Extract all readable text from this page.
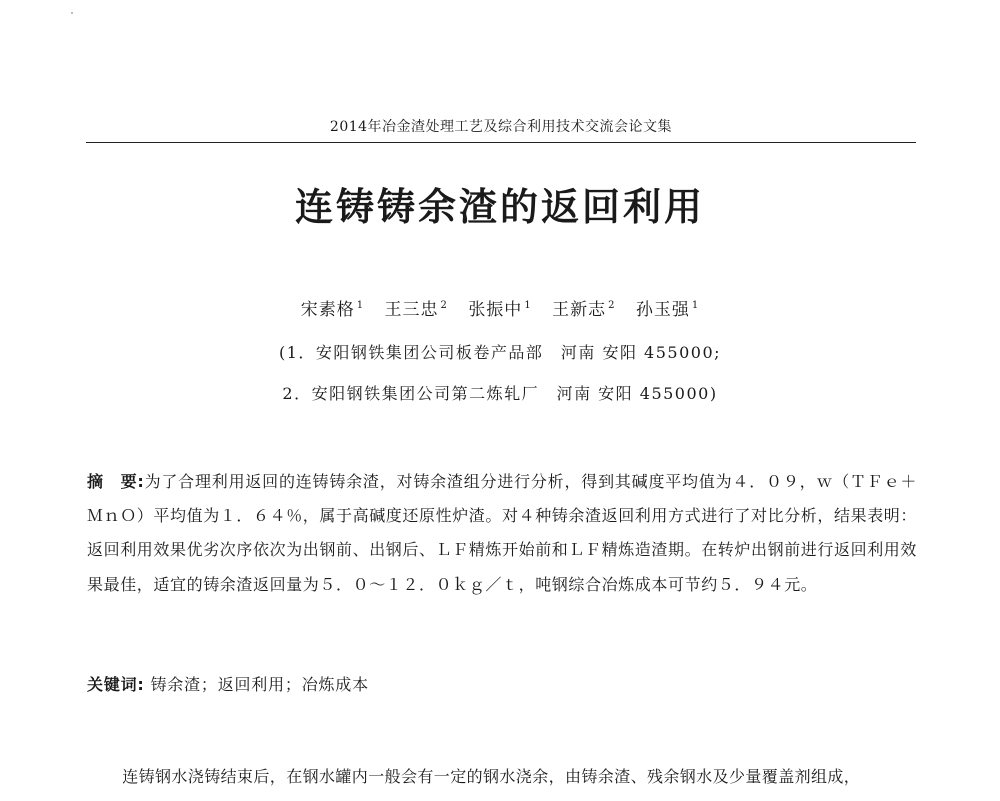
2014年冶金渣处理工艺及综合利用技术交流会论文集
连铸铸余渣的返回利用
宋素格 $^1$ 王三忠 $^2$ 张振中 $^1$ 王新志 $^2$ 孙玉强 $^1$
(1．安阳钢铁集团公司板卷产品部　河南 安阳 455000;
2．安阳钢铁集团公司第二炼轧厂　河南 安阳 455000)
摘　要:为了合理利用返回的连铸铸余渣，对铸余渣组分进行分析，得到其碱度平均值为４．０９，ｗ（ＴＦｅ＋ＭｎＯ）平均值为１．６４％，属于高碱度还原性炉渣。对４种铸余渣返回利用方式进行了对比分析，结果表明：返回利用效果优劣次序依次为出钢前、出钢后、ＬＦ精炼开始前和ＬＦ精炼造渣期。在转炉出钢前进行返回利用效果最佳，适宜的铸余渣返回量为５．０～１２．０ｋｇ／ｔ，吨钢综合冶炼成本可节约５．９４元。
关键词: 铸余渣；返回利用；冶炼成本
连铸钢水浇铸结束后，在钢水罐内一般会有一定的钢水浇余，由铸余渣、残余钢水及少量覆盖剂组成，
